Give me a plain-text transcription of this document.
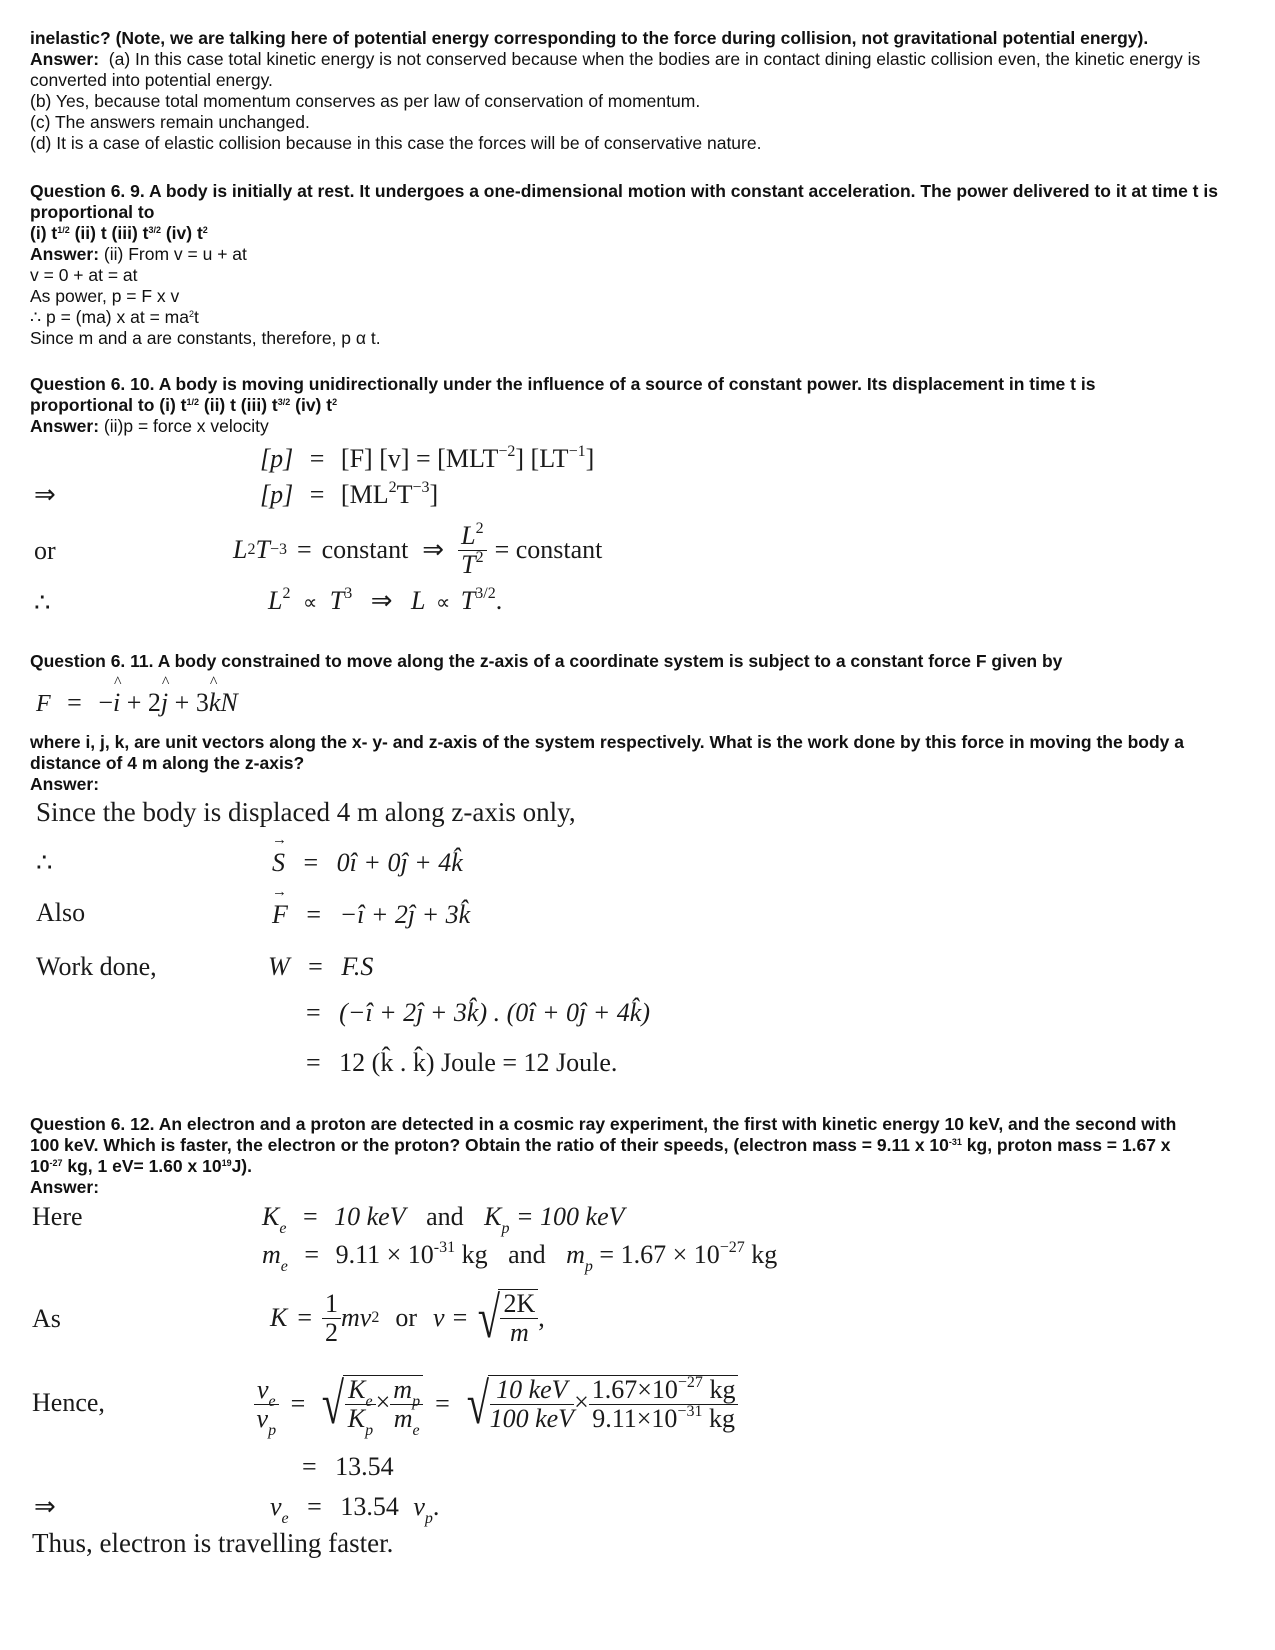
inelastic? (Note, we are talking here of potential energy corresponding to the force during collision, not gravitational potential energy).
Answer: (a) In this case total kinetic energy is not conserved because when the bodies are in contact dining elastic collision even, the kinetic energy is converted into potential energy.
(b) Yes, because total momentum conserves as per law of conservation of momentum.
(c) The answers remain unchanged.
(d) It is a case of elastic collision because in this case the forces will be of conservative nature.
Question 6. 9. A body is initially at rest. It undergoes a one-dimensional motion with constant acceleration. The power delivered to it at time t is proportional to
(i) $t^{1/2}$ (ii) t (iii) $t^{3/2}$ (iv) $t^2$
Answer: (ii) From v = u + at
v = 0 + at = at
As power, p = F x v
∴ p = (ma) x at = $ma^2t$
Since m and a are constants, therefore, p α t.
Question 6. 10. A body is moving unidirectionally under the influence of a source of constant power. Its displacement in time t is
proportional to (i) $t^{1/2}$ (ii) t (iii) $t^{3/2}$ (iv) $t^2$
Answer: (ii)p = force x velocity
[p] = [F] $[v] = [MLT^{-2}]$ $[LT^{-1}]$
⇒	$[p] = [ML^2T^{-3}]$
or	L 2 T −3 = constant ⇒ $\frac{L^2}{T^2}$ = constant
∴	$L^2 \propto T^3$ ⇒ $L \propto T^{3/2}$.
Question 6. 11. A body constrained to move along the z-axis of a coordinate system is subject to a constant force F given by
F = −^ i + 2^ j + 3^ kN
where i, j, k, are unit vectors along the x- y- and z-axis of the system respectively. What is the work done by this force in moving the body a distance of 4 m along the z-axis?
Answer:
Since the body is displaced 4 m along z-axis only,
∴	→ S = 0î + 0ĵ + 4k̂
Also	→ F = −î + 2ĵ + 3k̂
Work done,	W = F.S
= (−î + 2ĵ + 3k̂) . (0î + 0ĵ + 4k̂)
= 12 (k̂ . k̂) Joule = 12 Joule.
Question 6. 12. An electron and a proton are detected in a cosmic ray experiment, the first with kinetic energy 10 keV, and the second with
100 keV. Which is faster, the electron or the proton? Obtain the ratio of their speeds, (electron mass = 9.11 x $10^{-31}$ kg, proton mass = 1.67 x
$10^{-27}$ kg, 1 eV= 1.60 x $10^{19}J$).
Answer:
Here	$K_e = 10$ keV and $K_p = 100$ keV
$m_e = 9.11 \times 10^{-31}$ kg and $m_p = 1.67 \times 10^{-27}$ kg
As	$K = \frac{1}{2}$ mv 2 or v = √ $\frac{2K}{m}$ ,
Hence,	$\frac{v_e}{v_p}$ = √ $\frac{K_e}{K_p} \times \frac{m_p}{m_e}$ = √ $\frac{\text{10 keV}}{\text{100 keV}} \times \frac{1.67\times 10^{-27} kg}{9.11\times 10^{-31} kg}$
= 13.54
⇒	$v_e = 13.54$ $v_p$.
Thus, electron is travelling faster.
